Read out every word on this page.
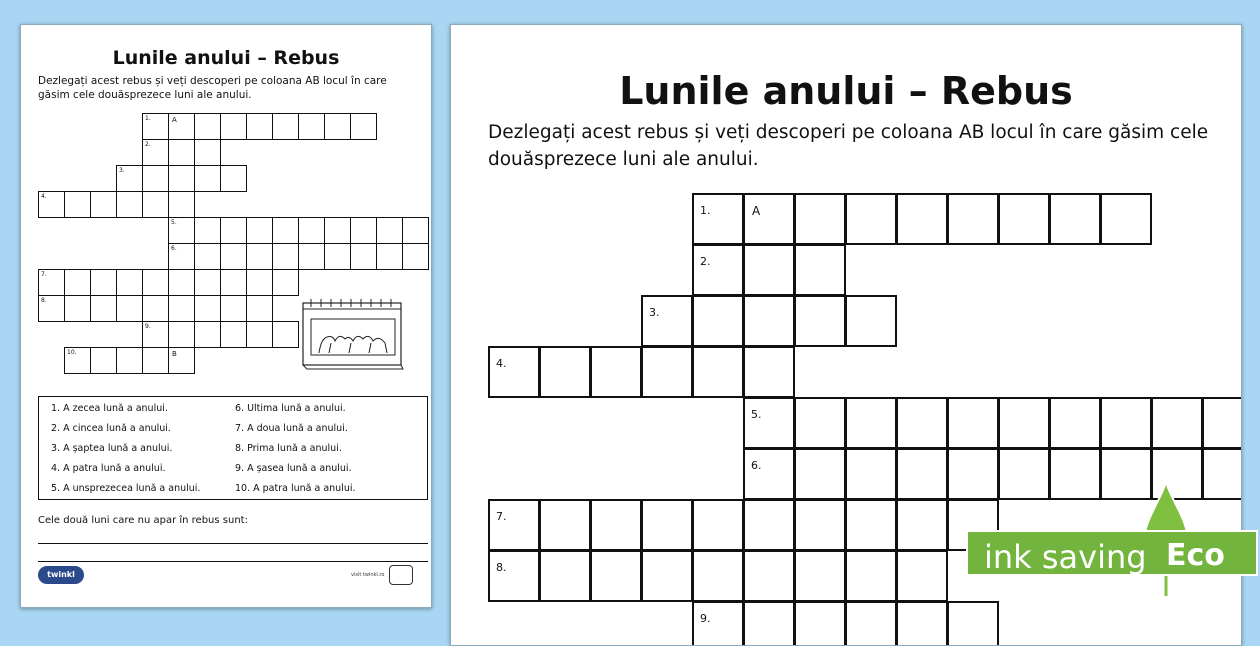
Lunile anului – Rebus
Dezlegați acest rebus și veți descoperi pe coloana AB locul în care găsim cele douăsprezece luni ale anului.
1.	A
2.
3.
4.
5.
6.
7.
8.
9.
10.	B
1. A zecea lună a anului.
2. A cincea lună a anului.
3. A șaptea lună a anului.
4. A patra lună a anului.
5. A unsprezecea lună a anului.
6. Ultima lună a anului.
7. A doua lună a anului.
8. Prima lună a anului.
9. A șasea lună a anului.
10. A patra lună a anului.
Cele două luni care nu apar în rebus sunt:
twinkl	visit twinkl.ro
Lunile anului – Rebus
Dezlegați acest rebus și veți descoperi pe coloana AB locul în care găsim cele douăsprezece luni ale anului.
1.	A
2.
3.
4.
5.
6.
7.
8.
9.
ink saving Eco
